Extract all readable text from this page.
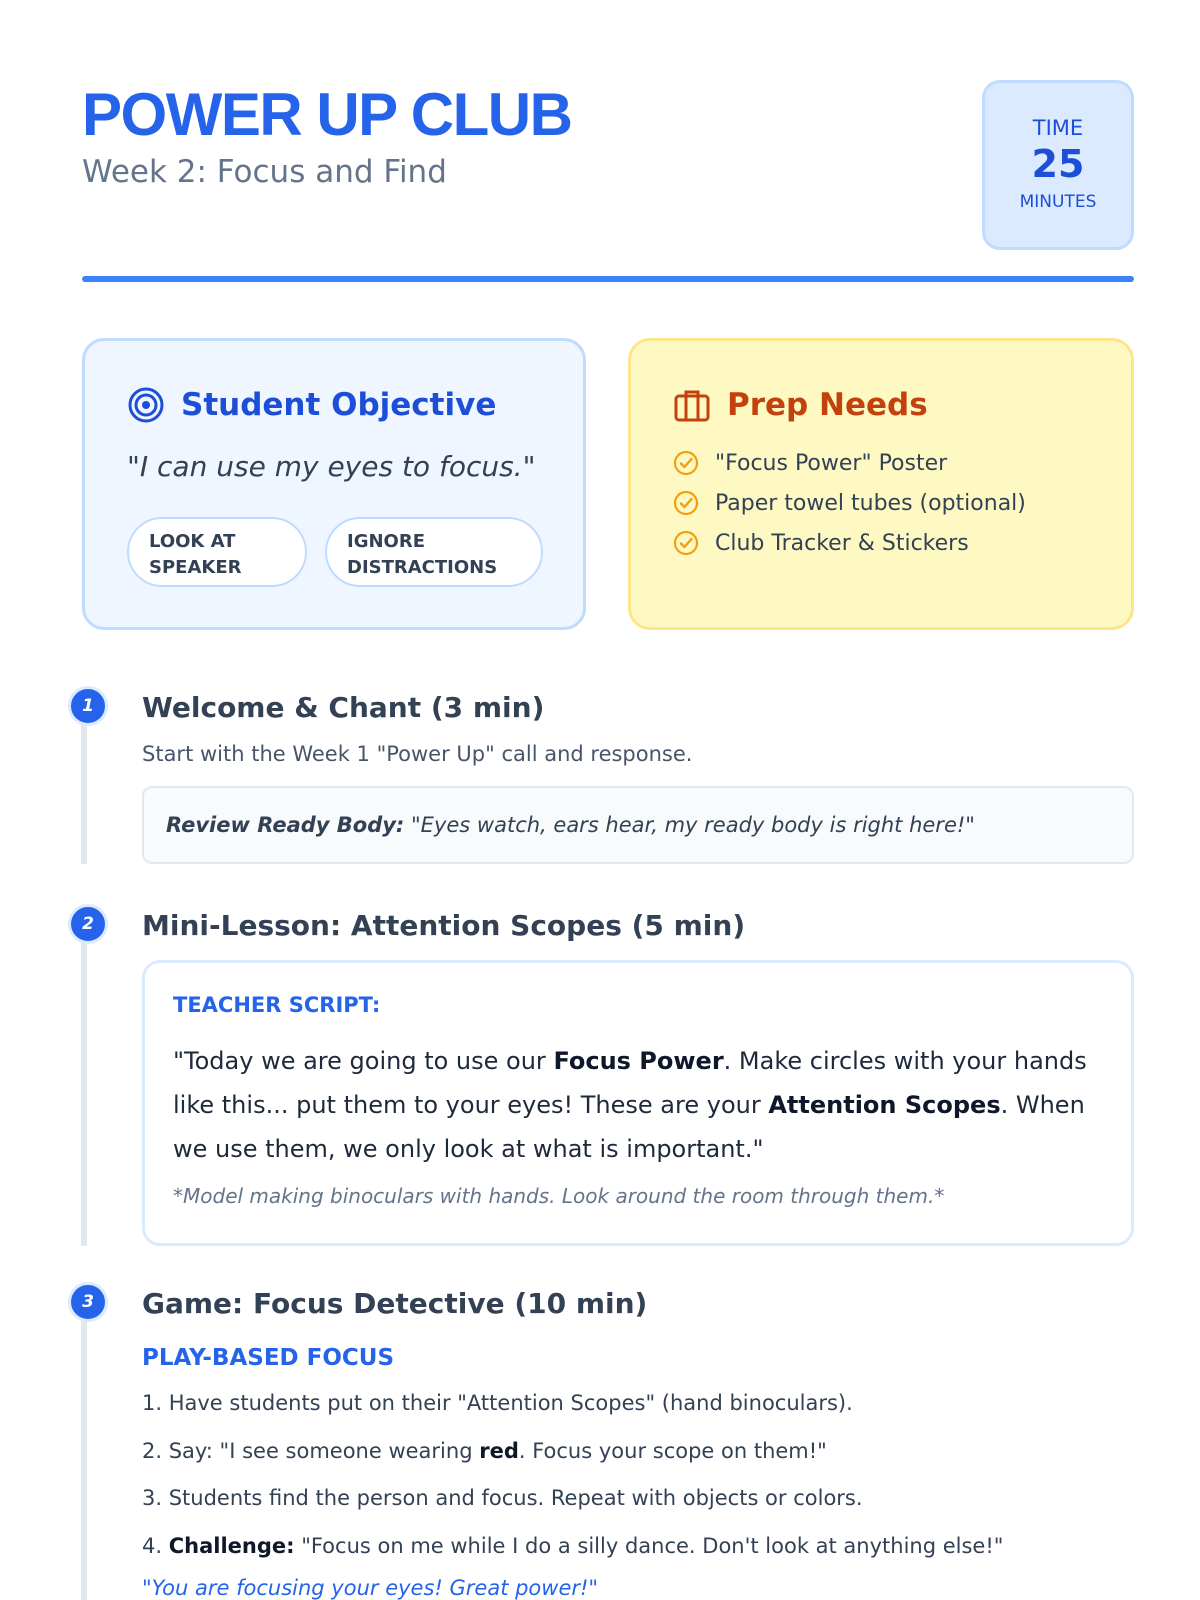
POWER UP CLUB
Week 2: Focus and Find
TIME
25
MINUTES
Student Objective
"I can use my eyes to focus."
LOOK AT
SPEAKER
IGNORE
DISTRACTIONS
Prep Needs
"Focus Power" Poster
Paper towel tubes (optional)
Club Tracker & Stickers
1	Welcome & Chant (3 min)
Start with the Week 1 "Power Up" call and response.
Review Ready Body: "Eyes watch, ears hear, my ready body is right here!"
2	Mini-Lesson: Attention Scopes (5 min)
TEACHER SCRIPT:
"Today we are going to use our Focus Power. Make circles with your hands like this... put them to your eyes! These are your Attention Scopes. When we use them, we only look at what is important."
*Model making binoculars with hands. Look around the room through them.*
3	Game: Focus Detective (10 min)
PLAY-BASED FOCUS
1. Have students put on their "Attention Scopes" (hand binoculars).
2. Say: "I see someone wearing red. Focus your scope on them!"
3. Students find the person and focus. Repeat with objects or colors.
4. Challenge: "Focus on me while I do a silly dance. Don't look at anything else!"
"You are focusing your eyes! Great power!"
